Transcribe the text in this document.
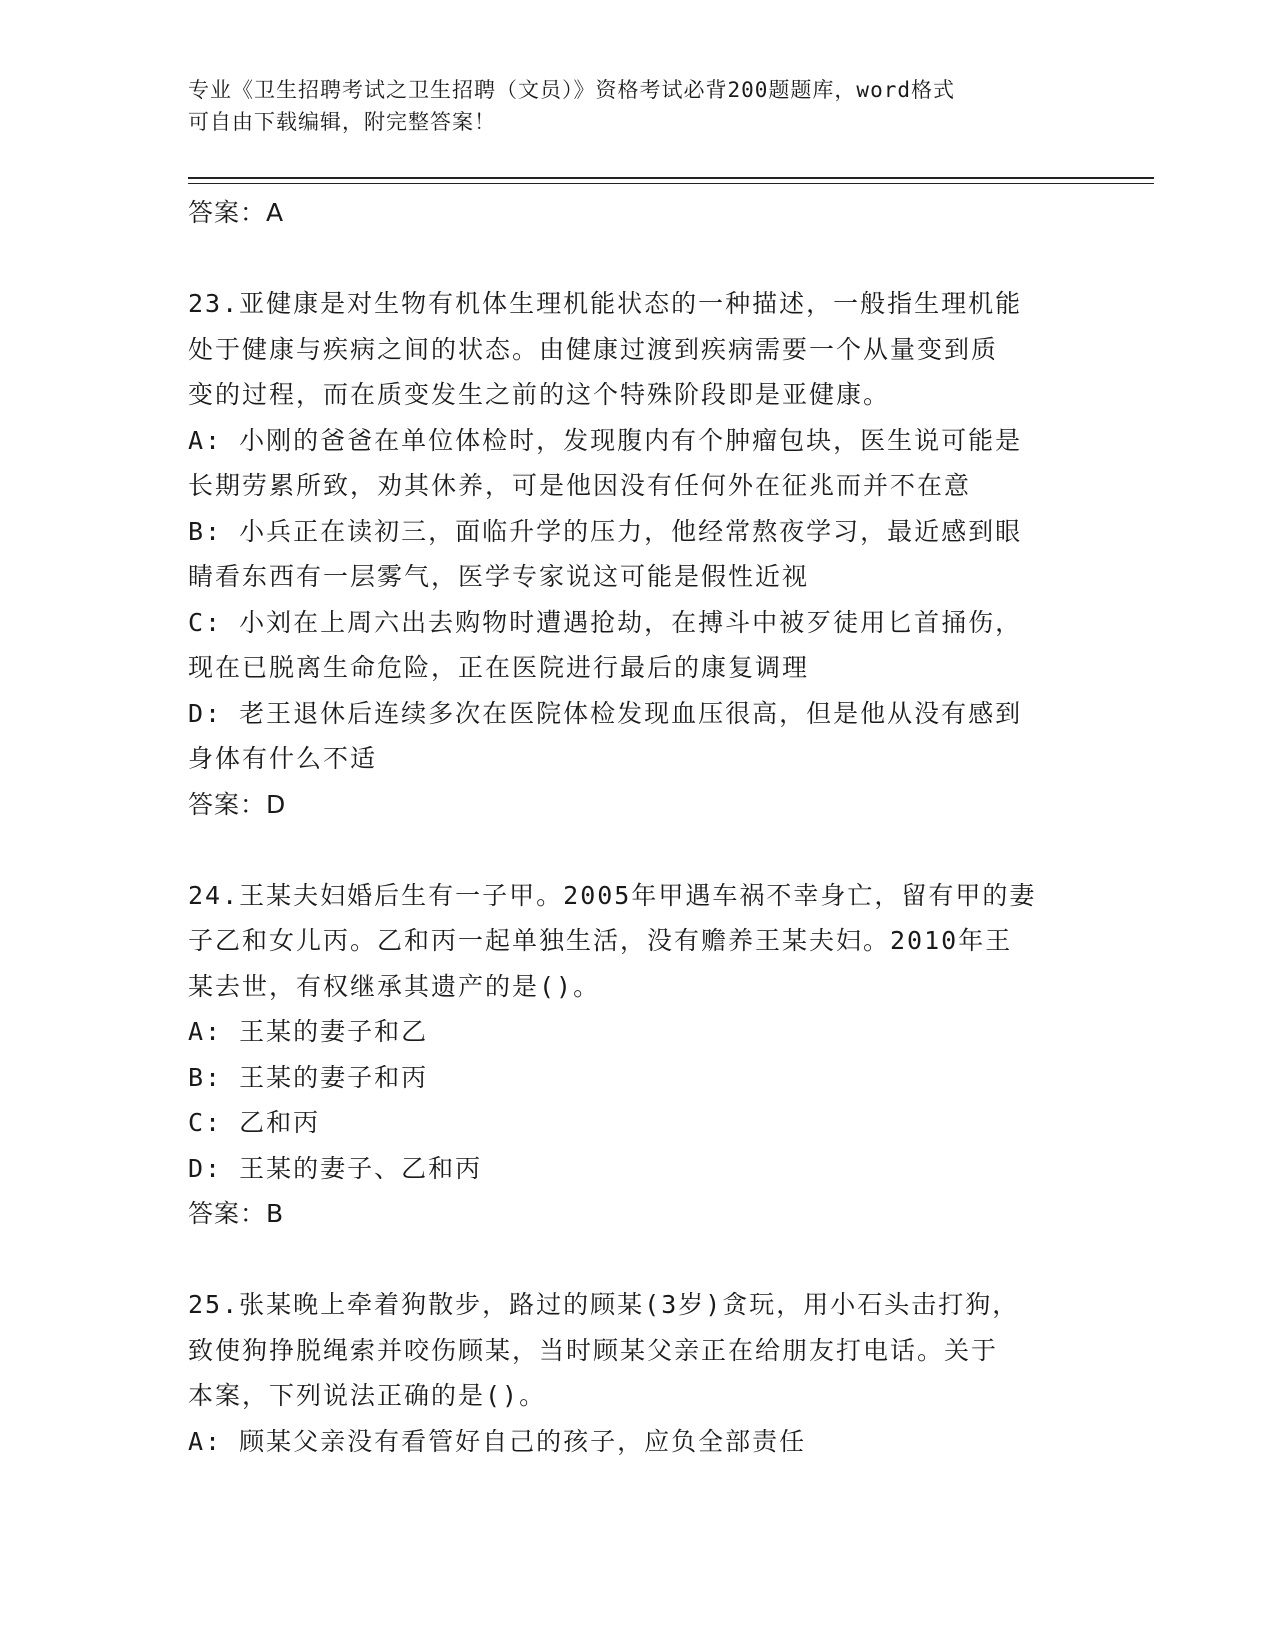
专业《卫生招聘考试之卫生招聘（文员）》资格考试必背200题题库，word格式
可自由下载编辑，附完整答案！
答案：A
23.亚健康是对生物有机体生理机能状态的一种描述，一般指生理机能
处于健康与疾病之间的状态。由健康过渡到疾病需要一个从量变到质
变的过程，而在质变发生之前的这个特殊阶段即是亚健康。
A: 小刚的爸爸在单位体检时，发现腹内有个肿瘤包块，医生说可能是
长期劳累所致，劝其休养，可是他因没有任何外在征兆而并不在意
B: 小兵正在读初三，面临升学的压力，他经常熬夜学习，最近感到眼
睛看东西有一层雾气，医学专家说这可能是假性近视
C: 小刘在上周六出去购物时遭遇抢劫，在搏斗中被歹徒用匕首捅伤，
现在已脱离生命危险，正在医院进行最后的康复调理
D: 老王退休后连续多次在医院体检发现血压很高，但是他从没有感到
身体有什么不适
答案：D
24.王某夫妇婚后生有一子甲。2005年甲遇车祸不幸身亡，留有甲的妻
子乙和女儿丙。乙和丙一起单独生活，没有赡养王某夫妇。2010年王
某去世，有权继承其遗产的是()。
A: 王某的妻子和乙
B: 王某的妻子和丙
C: 乙和丙
D: 王某的妻子、乙和丙
答案：B
25.张某晚上牵着狗散步，路过的顾某(3岁)贪玩，用小石头击打狗，
致使狗挣脱绳索并咬伤顾某，当时顾某父亲正在给朋友打电话。关于
本案，下列说法正确的是()。
A: 顾某父亲没有看管好自己的孩子，应负全部责任
